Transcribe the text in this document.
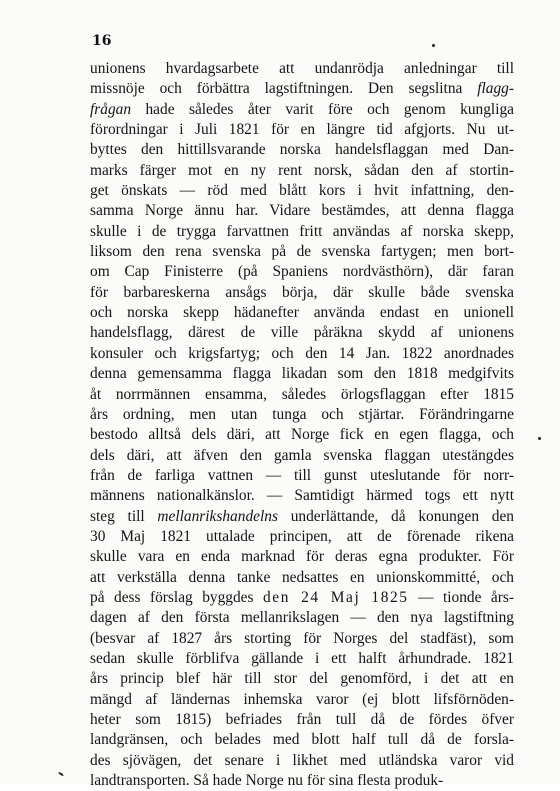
16
unionens hvardagsarbete att undanrödja anledningar till
missnöje och förbättra lagstiftningen. Den segslitna flagg-
frågan hade således åter varit före och genom kungliga
förordningar i Juli 1821 för en längre tid afgjorts. Nu ut-
byttes den hittillsvarande norska handelsflaggan med Dan-
marks färger mot en ny rent norsk, sådan den af stortin-
get önskats — röd med blått kors i hvit infattning, den-
samma Norge ännu har. Vidare bestämdes, att denna flagga
skulle i de trygga farvattnen fritt användas af norska skepp,
liksom den rena svenska på de svenska fartygen; men bort-
om Cap Finisterre (på Spaniens nordvästhörn), där faran
för barbareskerna ansågs börja, där skulle både svenska
och norska skepp hädanefter använda endast en unionell
handelsflagg, därest de ville påräkna skydd af unionens
konsuler och krigsfartyg; och den 14 Jan. 1822 anordnades
denna gemensamma flagga likadan som den 1818 medgifvits
åt norrmännen ensamma, således örlogsflaggan efter 1815
års ordning, men utan tunga och stjärtar. Förändringarne
bestodo alltså dels däri, att Norge fick en egen flagga, och
dels däri, att äfven den gamla svenska flaggan utestängdes
från de farliga vattnen — till gunst uteslutande för norr-
männens nationalkänslor. — Samtidigt härmed togs ett nytt
steg till mellanrikshandelns underlättande, då konungen den
30 Maj 1821 uttalade principen, att de förenade rikena
skulle vara en enda marknad för deras egna produkter. För
att verkställa denna tanke nedsattes en unionskommitté, och
på dess förslag byggdes den 24 Maj 1825 — tionde års-
dagen af den första mellanrikslagen — den nya lagstiftning
(besvar af 1827 års storting för Norges del stadfäst), som
sedan skulle förblifva gällande i ett halft århundrade. 1821
års princip blef här till stor del genomförd, i det att en
mängd af ländernas inhemska varor (ej blott lifsförnöden-
heter som 1815) befriades från tull då de fördes öfver
landgränsen, och belades med blott half tull då de forsla-
des sjövägen, det senare i likhet med utländska varor vid
landtransporten. Så hade Norge nu för sina flesta produk-
